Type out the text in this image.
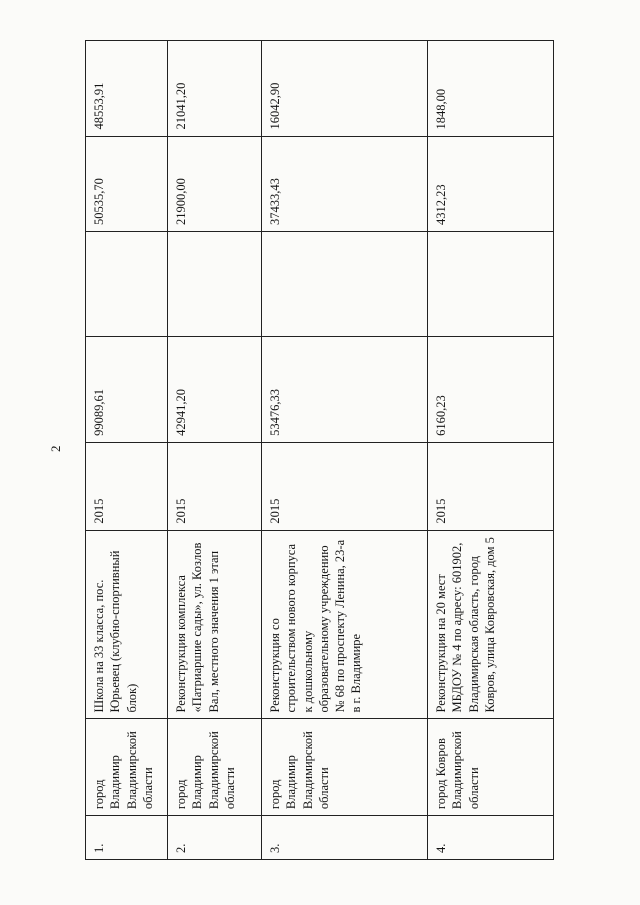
2
1.	город Владимир Владимирской области	Школа на 33 класса, пос. Юрьевец (клубно-спортивный блок)	2015	99089,61		50535,70	48553,91
2.	город Владимир Владимирской области	Реконструкция комплекса «Патриаршие сады», ул. Козлов Вал, местного значения 1 этап	2015	42941,20		21900,00	21041,20
3.	город Владимир Владимирской области	Реконструкция со строительством нового корпуса к дошкольному образовательному учреждению № 68 по проспекту Ленина, 23-а в г. Владимире	2015	53476,33		37433,43	16042,90
4.	город Ковров Владимирской области	Реконструкция на 20 мест МБДОУ № 4 по адресу: 601902, Владимирская область, город Ковров, улица Ковровская, дом 5	2015	6160,23		4312,23	1848,00
